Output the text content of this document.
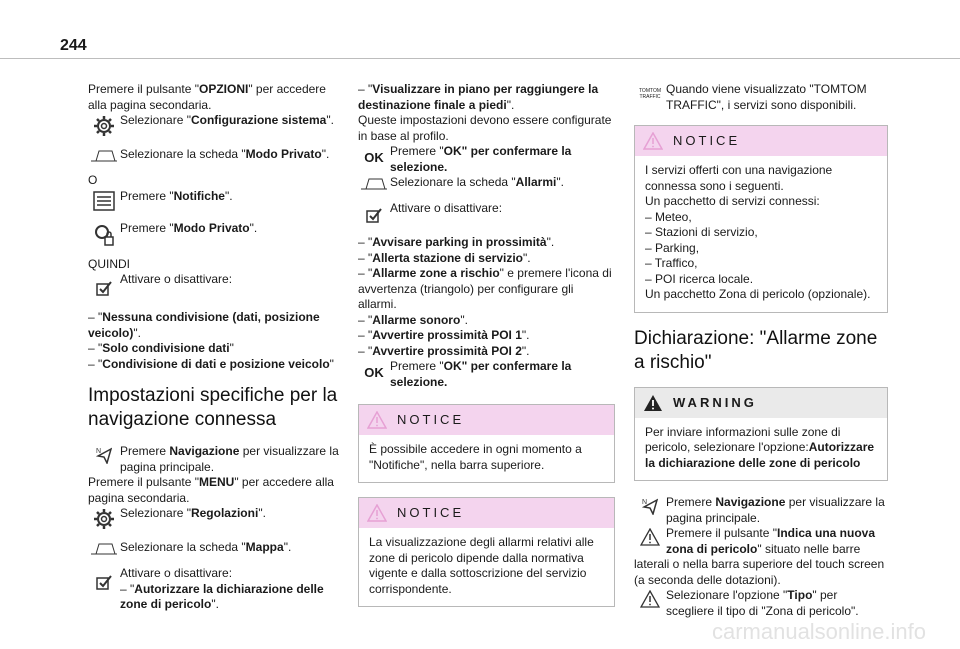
244

Premere il pulsante "OPZIONI" per accedere alla pagina secondaria.

Selezionare "Configurazione sistema".
Selezionare la scheda "Modo Privato".

O

Premere "Notifiche".
Premere "Modo Privato".

QUINDI

Attivare o disattivare:

– "Nessuna condivisione (dati, posizione veicolo)".

– "Solo condivisione dati"

– "Condivisione di dati e posizione veicolo"

Impostazioni specifiche per la navigazione connessa
N Premere Navigazione per visualizzare la pagina principale.

Premere il pulsante "MENU" per accedere alla pagina secondaria.

Selezionare "Regolazioni".
Selezionare la scheda "Mappa".
Attivare o disattivare:
– "Autorizzare la dichiarazione delle zone di pericolo".

– "Visualizzare in piano per raggiungere la destinazione finale a piedi".

Queste impostazioni devono essere configurate in base al profilo.

OK Premere "OK" per confermare la selezione.
Selezionare la scheda "Allarmi".
Attivare o disattivare:

– "Avvisare parking in prossimità".

– "Allerta stazione di servizio".

– "Allarme zone a rischio" e premere l'icona di avvertenza (triangolo) per configurare gli allarmi.

– "Allarme sonoro".

– "Avvertire prossimità POI 1".

– "Avvertire prossimità POI 2".

OK Premere "OK" per confermare la selezione.
NOTICE
È possibile accedere in ogni momento a "Notifiche", nella barra superiore.
NOTICE
La visualizzazione degli allarmi relativi alle zone di pericolo dipende dalla normativa vigente e dalla sottoscrizione del servizio corrispondente.
TOMTOM
TRAFFIC
Quando viene visualizzato "TOMTOM TRAFFIC", i servizi sono disponibili.
NOTICE
I servizi offerti con una navigazione connessa sono i seguenti.
Un pacchetto di servizi connessi:
– Meteo,
– Stazioni di servizio,
– Parking,
– Traffico,
– POI ricerca locale.
Un pacchetto Zona di pericolo (opzionale).
Dichiarazione: "Allarme zone a rischio"
WARNING
Per inviare informazioni sulle zone di pericolo, selezionare l'opzione:Autorizzare la dichiarazione delle zone di pericolo
N Premere Navigazione per visualizzare la pagina principale.
Premere il pulsante "Indica una nuova zona di pericolo" situato nelle barre

laterali o nella barra superiore del touch screen (a seconda delle dotazioni).

Selezionare l'opzione "Tipo" per scegliere il tipo di "Zona di pericolo".
carmanualsonline.info
